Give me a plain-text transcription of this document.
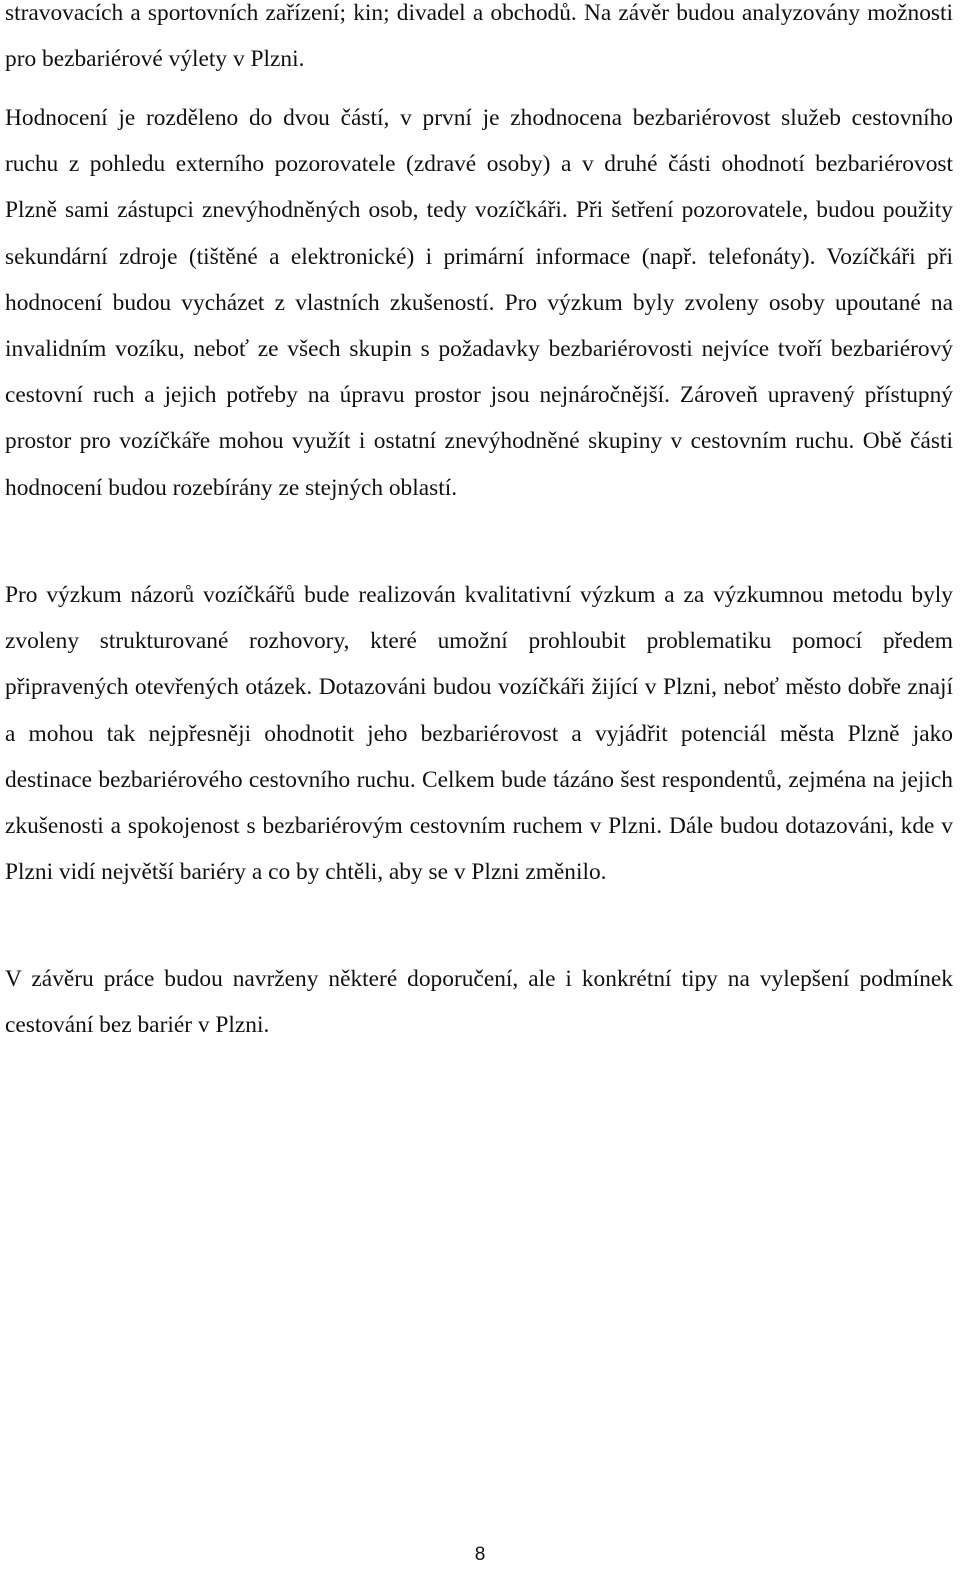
stravovacích a sportovních zařízení; kin; divadel a obchodů. Na závěr budou analyzovány možnosti pro bezbariérové výlety v Plzni.

Hodnocení je rozděleno do dvou částí, v první je zhodnocena bezbariérovost služeb cestovního ruchu z pohledu externího pozorovatele (zdravé osoby) a v druhé části ohodnotí bezbariérovost Plzně sami zástupci znevýhodněných osob, tedy vozíčkáři. Při šetření pozorovatele, budou použity sekundární zdroje (tištěné a elektronické) i primární informace (např. telefonáty). Vozíčkáři při hodnocení budou vycházet z vlastních zkušeností. Pro výzkum byly zvoleny osoby upoutané na invalidním vozíku, neboť ze všech skupin s požadavky bezbariérovosti nejvíce tvoří bezbariérový cestovní ruch a jejich potřeby na úpravu prostor jsou nejnáročnější. Zároveň upravený přístupný prostor pro vozíčkáře mohou využít i ostatní znevýhodněné skupiny v cestovním ruchu. Obě části hodnocení budou rozebírány ze stejných oblastí.

Pro výzkum názorů vozíčkářů bude realizován kvalitativní výzkum a za výzkumnou metodu byly zvoleny strukturované rozhovory, které umožní prohloubit problematiku pomocí předem připravených otevřených otázek. Dotazováni budou vozíčkáři žijící v Plzni, neboť město dobře znají a mohou tak nejpřesněji ohodnotit jeho bezbariérovost a vyjádřit potenciál města Plzně jako destinace bezbariérového cestovního ruchu. Celkem bude tázáno šest respondentů, zejména na jejich zkušenosti a spokojenost s bezbariérovým cestovním ruchem v Plzni. Dále budou dotazováni, kde v Plzni vidí největší bariéry a co by chtěli, aby se v Plzni změnilo.

V závěru práce budou navrženy některé doporučení, ale i konkrétní tipy na vylepšení podmínek cestování bez bariér v Plzni.

8
